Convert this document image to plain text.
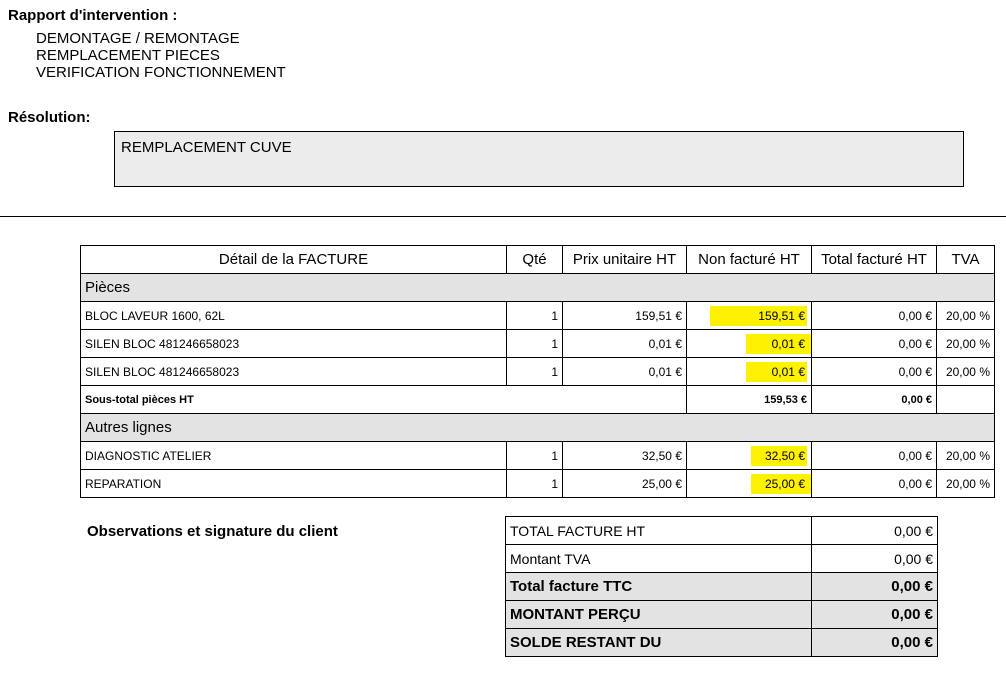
Rapport d'intervention :
DEMONTAGE / REMONTAGE
REMPLACEMENT PIECES
VERIFICATION FONCTIONNEMENT
Résolution:
REMPLACEMENT CUVE
Détail de la FACTURE	Qté	Prix unitaire HT	Non facturé HT	Total facturé HT	TVA
Pièces					
BLOC LAVEUR 1600, 62L	1	159,51 €	159,51 €	0,00 €	20,00 %
SILEN BLOC 481246658023	1	0,01 €	0,01 €	0,00 €	20,00 %
SILEN BLOC 481246658023	1	0,01 €	0,01 €	0,00 €	20,00 %
Sous-total pièces HT			159,53 €	0,00 €	
Autres lignes					
DIAGNOSTIC ATELIER	1	32,50 €	32,50 €	0,00 €	20,00 %
REPARATION	1	25,00 €	25,00 €	0,00 €	20,00 %
Observations et signature du client	TOTAL FACTURE HT	0,00 €
Montant TVA	0,00 €
Total facture TTC	0,00 €
MONTANT PERÇU	0,00 €
SOLDE RESTANT DU	0,00 €
